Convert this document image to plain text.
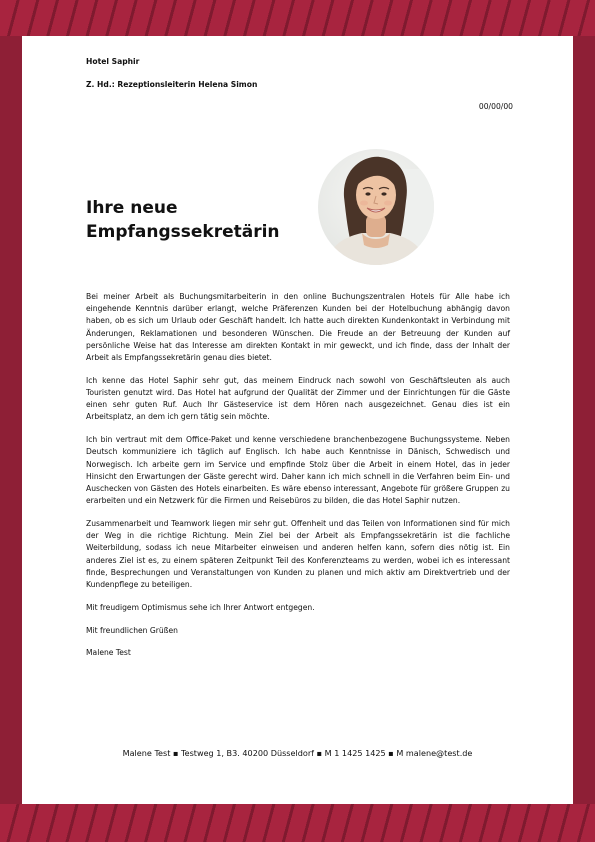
Hotel Saphir
Z. Hd.: Rezeptionsleiterin Helena Simon
00/00/00
Ihre neue Empfangssekretärin

Bei meiner Arbeit als Buchungsmitarbeiterin in den online Buchungszentralen Hotels für Alle habe ich eingehende Kenntnis darüber erlangt, welche Präferenzen Kunden bei der Hotelbuchung abhängig davon haben, ob es sich um Urlaub oder Geschäft handelt. Ich hatte auch direkten Kundenkontakt in Verbindung mit Änderungen, Reklamationen und besonderen Wünschen. Die Freude an der Betreuung der Kunden auf persönliche Weise hat das Interesse am direkten Kontakt in mir geweckt, und ich finde, dass der Inhalt der Arbeit als Empfangssekretärin genau dies bietet.

Ich kenne das Hotel Saphir sehr gut, das meinem Eindruck nach sowohl von Geschäftsleuten als auch Touristen genutzt wird. Das Hotel hat aufgrund der Qualität der Zimmer und der Einrichtungen für die Gäste einen sehr guten Ruf. Auch Ihr Gästeservice ist dem Hören nach ausgezeichnet. Genau dies ist ein Arbeitsplatz, an dem ich gern tätig sein möchte.

Ich bin vertraut mit dem Office-Paket und kenne verschiedene branchenbezogene Buchungssysteme. Neben Deutsch kommuniziere ich täglich auf Englisch. Ich habe auch Kenntnisse in Dänisch, Schwedisch und Norwegisch. Ich arbeite gern im Service und empfinde Stolz über die Arbeit in einem Hotel, das in jeder Hinsicht den Erwartungen der Gäste gerecht wird. Daher kann ich mich schnell in die Verfahren beim Ein- und Auschecken von Gästen des Hotels einarbeiten. Es wäre ebenso interessant, Angebote für größere Gruppen zu erarbeiten und ein Netzwerk für die Firmen und Reisebüros zu bilden, die das Hotel Saphir nutzen.

Zusammenarbeit und Teamwork liegen mir sehr gut. Offenheit und das Teilen von Informationen sind für mich der Weg in die richtige Richtung. Mein Ziel bei der Arbeit als Empfangssekretärin ist die fachliche Weiterbildung, sodass ich neue Mitarbeiter einweisen und anderen helfen kann, sofern dies nötig ist. Ein anderes Ziel ist es, zu einem späteren Zeitpunkt Teil des Konferenzteams zu werden, wobei ich es interessant finde, Besprechungen und Veranstaltungen von Kunden zu planen und mich aktiv am Direktvertrieb und der Kundenpflege zu beteiligen.

Mit freudigem Optimismus sehe ich Ihrer Antwort entgegen.

Mit freundlichen Grüßen

Malene Test

Malene Test ▪ Testweg 1, B3. 40200 Düsseldorf ▪ M 1 1425 1425 ▪ M malene@test.de
